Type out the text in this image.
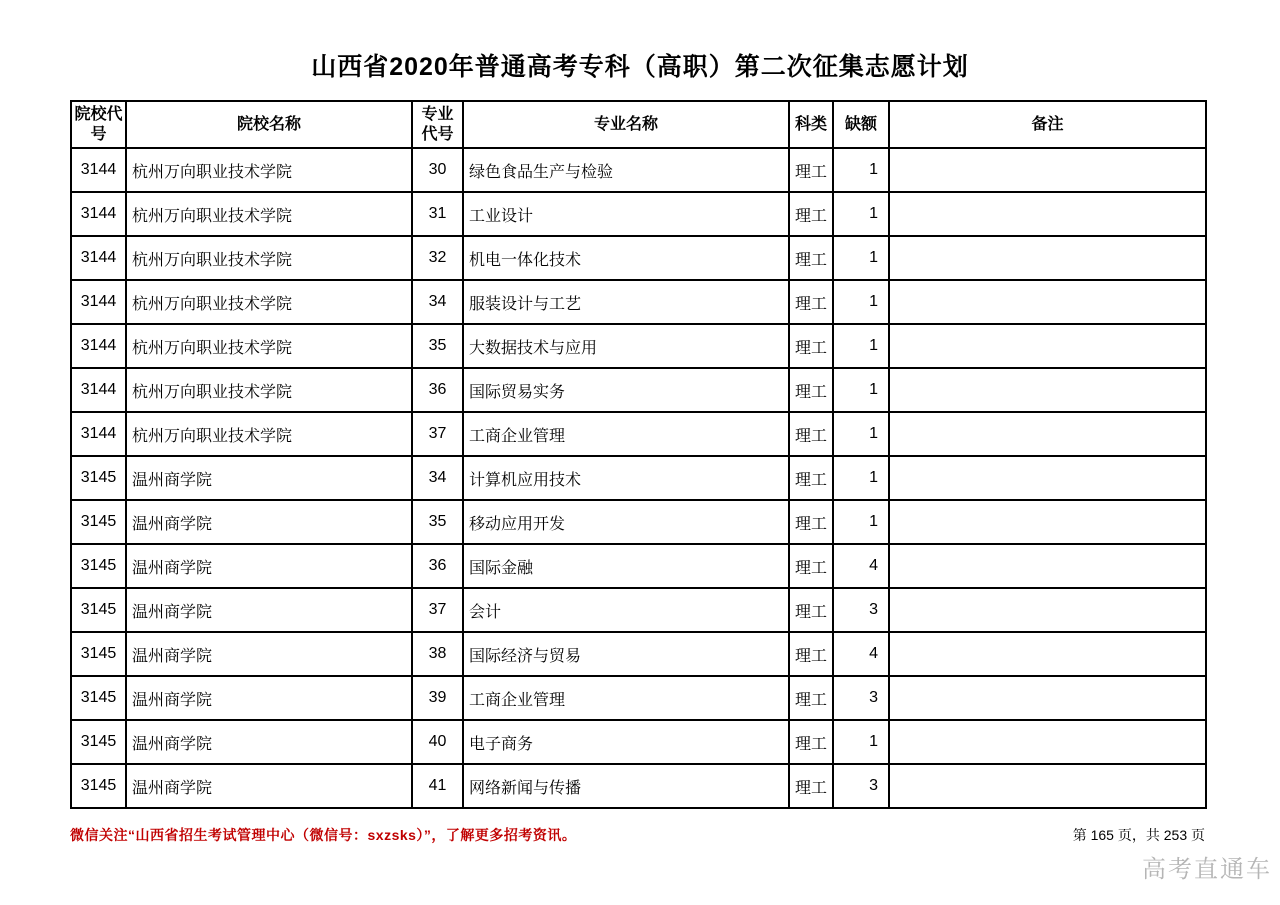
山西省2020年普通高考专科（高职）第二次征集志愿计划
院校代号	院校名称	专业代号	专业名称	科类	缺额	备注
3144	杭州万向职业技术学院	30	绿色食品生产与检验	理工	1	
3144	杭州万向职业技术学院	31	工业设计	理工	1	
3144	杭州万向职业技术学院	32	机电一体化技术	理工	1	
3144	杭州万向职业技术学院	34	服装设计与工艺	理工	1	
3144	杭州万向职业技术学院	35	大数据技术与应用	理工	1	
3144	杭州万向职业技术学院	36	国际贸易实务	理工	1	
3144	杭州万向职业技术学院	37	工商企业管理	理工	1	
3145	温州商学院	34	计算机应用技术	理工	1	
3145	温州商学院	35	移动应用开发	理工	1	
3145	温州商学院	36	国际金融	理工	4	
3145	温州商学院	37	会计	理工	3	
3145	温州商学院	38	国际经济与贸易	理工	4	
3145	温州商学院	39	工商企业管理	理工	3	
3145	温州商学院	40	电子商务	理工	1	
3145	温州商学院	41	网络新闻与传播	理工	3	
微信关注“山西省招生考试管理中心（微信号：sxzsks）”，了解更多招考资讯。	第 165 页，共 253 页
高考直通车
